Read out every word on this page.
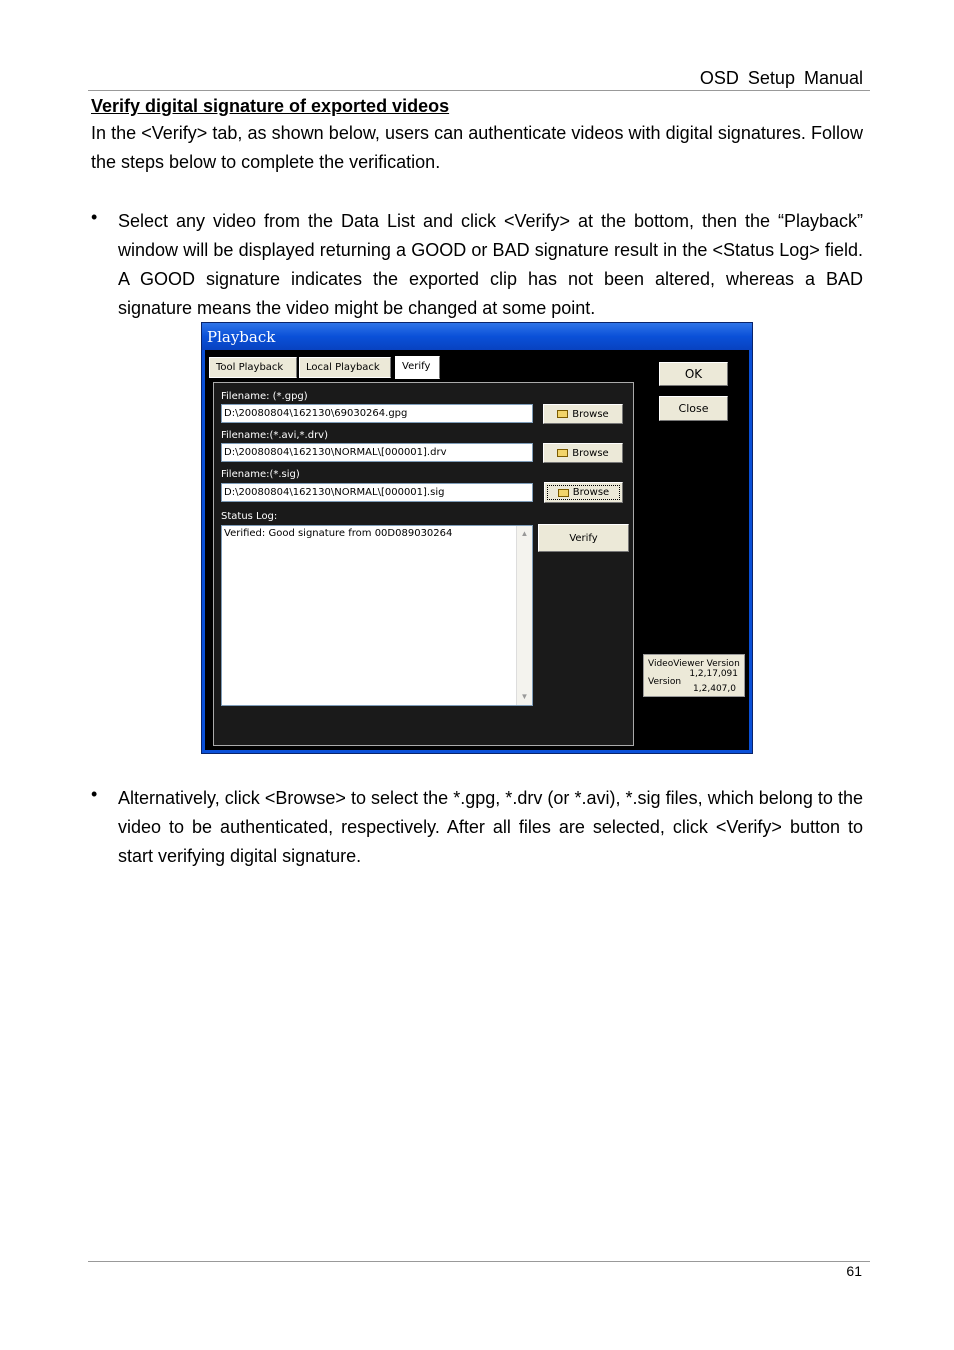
OSD Setup Manual
Verify digital signature of exported videos

In the <Verify> tab, as shown below, users can authenticate videos with digital signatures. Follow the steps below to complete the verification.

• Select any video from the Data List and click <Verify> at the bottom, then the “Playback” window will be displayed returning a GOOD or BAD signature result in the <Status Log> field. A GOOD signature indicates the exported clip has not been altered, whereas a BAD signature means the video might be changed at some point.

Playback
Tool Playback	Local Playback	Verify
Filename: (*.gpg)
D:\20080804\162130\69030264.gpg	Browse
Filename:(*.avi,*.drv)
D:\20080804\162130\NORMAL\[000001].drv	Browse
Filename:(*.sig)
D:\20080804\162130\NORMAL\[000001].sig	Browse
Status Log:
Verified: Good signature from 00D089030264	▲
▼
Verify
OK
Close
VideoViewer Version
1,2,17,091
Version
1,2,407,0
• Alternatively, click <Browse> to select the *.gpg, *.drv (or *.avi), *.sig files, which belong to the video to be authenticated, respectively. After all files are selected, click <Verify> button to start verifying digital signature.

61
